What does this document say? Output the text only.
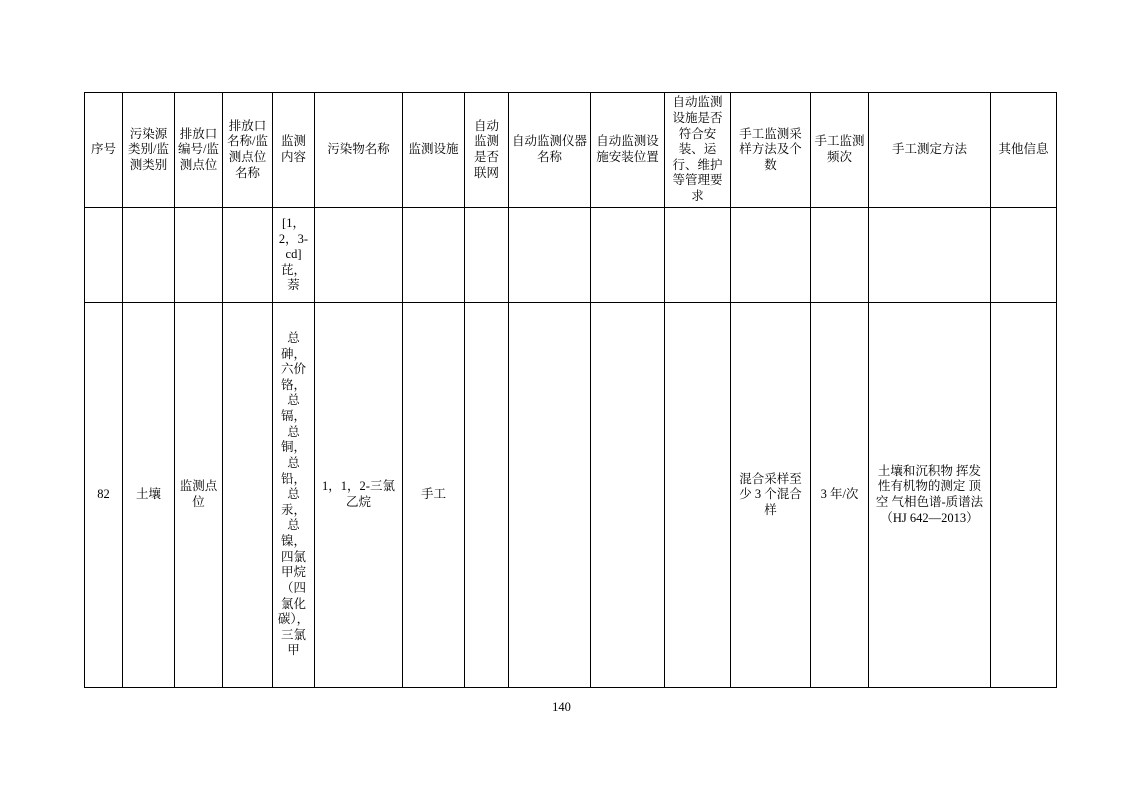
序号	污染源类别/监测类别	排放口编号/监测点位	排放口名称/监测点位名称	监测内容	污染物名称	监测设施	自动监测是否联网	自动监测仪器名称	自动监测设施安装位置	自动监测设施是否符合安装、运行、维护等管理要求	手工监测采样方法及个数	手工监测频次	手工测定方法	其他信息
				[1，2，3-cd]芘，萘										
82	土壤	监测点位		总砷，六价铬，总镉，总铜，总铅，总汞，总镍，四氯甲烷（四氯化碳），三氯甲	1，1，2-三氯乙烷	手工					混合采样至少 3 个混合样	3 年/次	土壤和沉积物 挥发性有机物的测定 顶空 气相色谱-质谱法（HJ 642—2013）	
140
